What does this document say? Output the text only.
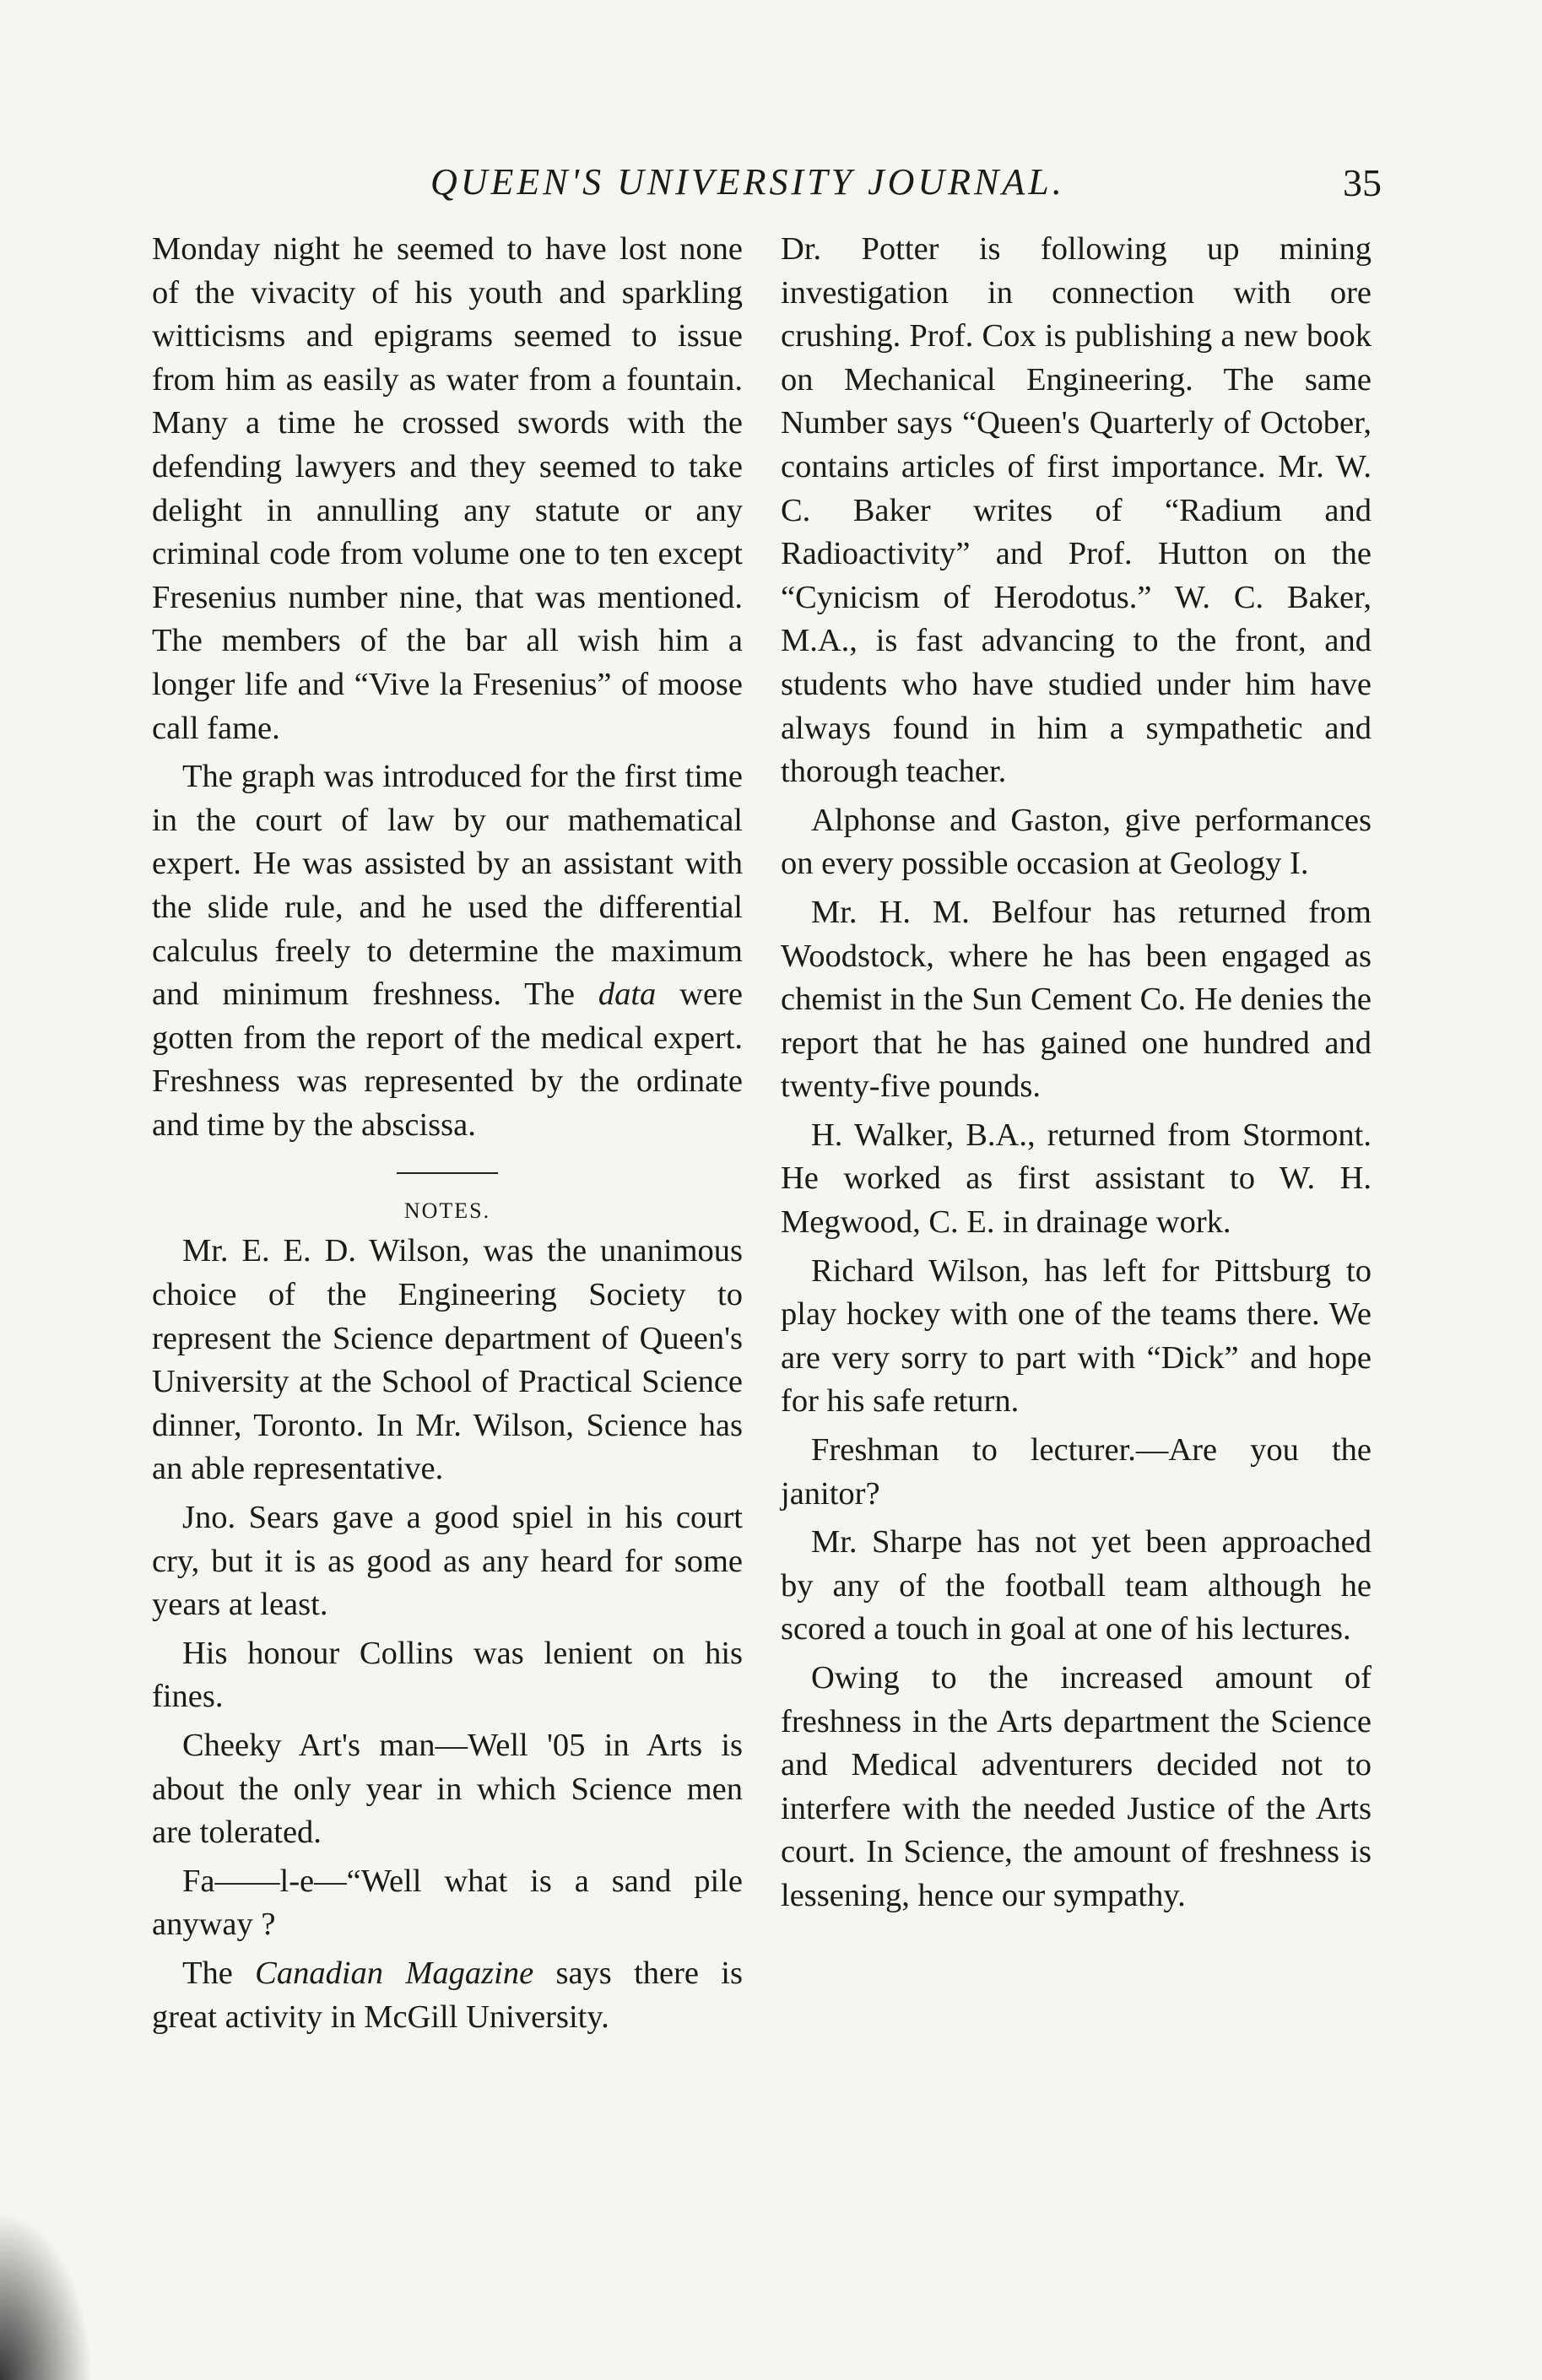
QUEEN'S UNIVERSITY JOURNAL.	35

Monday night he seemed to have lost none of the vivacity of his youth and sparkling witticisms and epigrams seemed to issue from him as easily as water from a fountain. Many a time he crossed swords with the defending lawyers and they seemed to take delight in annulling any statute or any criminal code from volume one to ten except Fresenius number nine, that was mentioned. The members of the bar all wish him a longer life and “Vive la Fresenius” of moose call fame.

The graph was introduced for the first time in the court of law by our mathematical expert. He was assisted by an assistant with the slide rule, and he used the differential calculus freely to determine the maximum and minimum freshness. The data were gotten from the report of the medical expert. Freshness was represented by the ordinate and time by the abscissa.

NOTES.

Mr. E. E. D. Wilson, was the unanimous choice of the Engineering Society to represent the Science department of Queen's University at the School of Practical Science dinner, Toronto. In Mr. Wilson, Science has an able representative.

Jno. Sears gave a good spiel in his court cry, but it is as good as any heard for some years at least.

His honour Collins was lenient on his fines.

Cheeky Art's man—Well '05 in Arts is about the only year in which Science men are tolerated.

Fa——l-e—“Well what is a sand pile anyway ?

The Canadian Magazine says there is great activity in McGill University.

Dr. Potter is following up mining investigation in connection with ore crushing. Prof. Cox is publishing a new book on Mechanical Engineering. The same Number says “Queen's Quarterly of October, contains articles of first importance. Mr. W. C. Baker writes of “Radium and Radioactivity” and Prof. Hutton on the “Cynicism of Herodotus.” W. C. Baker, M.A., is fast advancing to the front, and students who have studied under him have always found in him a sympathetic and thorough teacher.

Alphonse and Gaston, give performances on every possible occasion at Geology I.

Mr. H. M. Belfour has returned from Woodstock, where he has been engaged as chemist in the Sun Cement Co. He denies the report that he has gained one hundred and twenty-five pounds.

H. Walker, B.A., returned from Stormont. He worked as first assistant to W. H. Megwood, C. E. in drainage work.

Richard Wilson, has left for Pittsburg to play hockey with one of the teams there. We are very sorry to part with “Dick” and hope for his safe return.

Freshman to lecturer.—Are you the janitor?

Mr. Sharpe has not yet been approached by any of the football team although he scored a touch in goal at one of his lectures.

Owing to the increased amount of freshness in the Arts department the Science and Medical adventurers decided not to interfere with the needed Justice of the Arts court. In Science, the amount of freshness is lessening, hence our sympathy.
